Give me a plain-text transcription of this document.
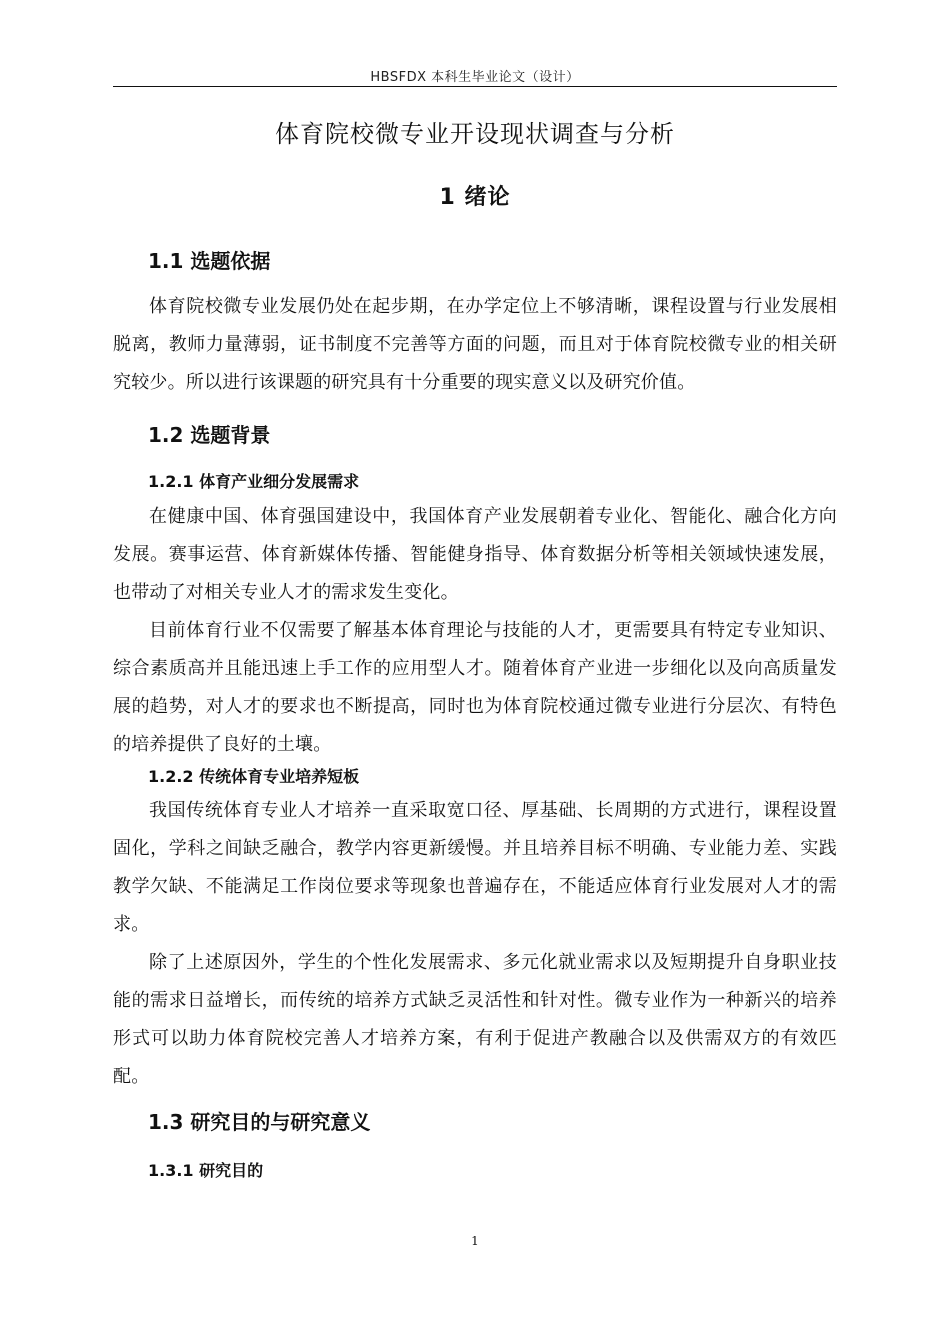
HBSFDX 本科生毕业论文（设计）
体育院校微专业开设现状调查与分析
1 绪论
1.1 选题依据
体育院校微专业发展仍处在起步期，在办学定位上不够清晰，课程设置与行业发展相脱离，教师力量薄弱，证书制度不完善等方面的问题，而且对于体育院校微专业的相关研究较少。所以进行该课题的研究具有十分重要的现实意义以及研究价值。
1.2 选题背景
1.2.1 体育产业细分发展需求
在健康中国、体育强国建设中，我国体育产业发展朝着专业化、智能化、融合化方向发展。赛事运营、体育新媒体传播、智能健身指导、体育数据分析等相关领域快速发展，也带动了对相关专业人才的需求发生变化。
目前体育行业不仅需要了解基本体育理论与技能的人才，更需要具有特定专业知识、综合素质高并且能迅速上手工作的应用型人才。随着体育产业进一步细化以及向高质量发展的趋势，对人才的要求也不断提高，同时也为体育院校通过微专业进行分层次、有特色的培养提供了良好的土壤。
1.2.2 传统体育专业培养短板
我国传统体育专业人才培养一直采取宽口径、厚基础、长周期的方式进行，课程设置固化，学科之间缺乏融合，教学内容更新缓慢。并且培养目标不明确、专业能力差、实践教学欠缺、不能满足工作岗位要求等现象也普遍存在，不能适应体育行业发展对人才的需求。
除了上述原因外，学生的个性化发展需求、多元化就业需求以及短期提升自身职业技能的需求日益增长，而传统的培养方式缺乏灵活性和针对性。微专业作为一种新兴的培养形式可以助力体育院校完善人才培养方案，有利于促进产教融合以及供需双方的有效匹配。
1.3 研究目的与研究意义
1.3.1 研究目的
1
